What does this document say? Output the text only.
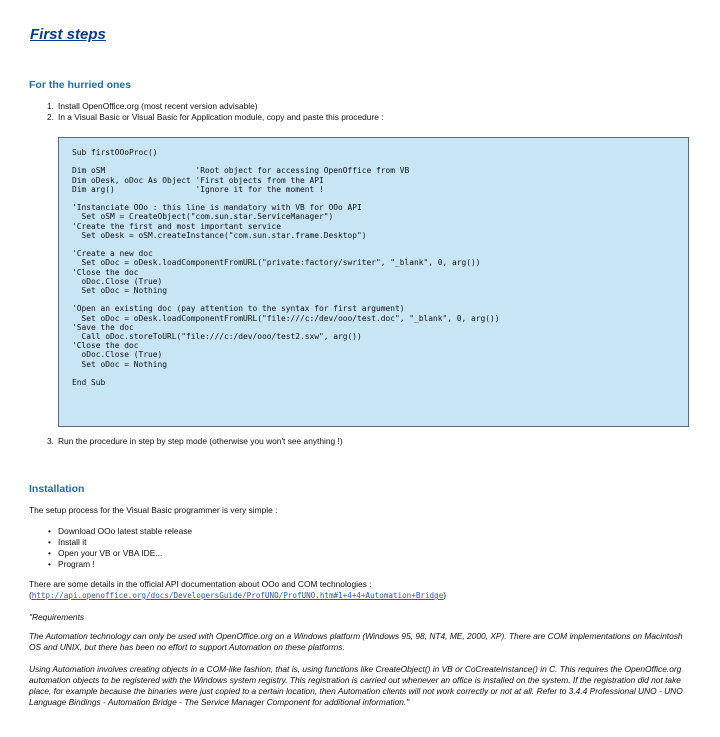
First steps
For the hurried ones
1. Install OpenOffice.org (most recent version advisable)
2. In a Visual Basic or Visual Basic for Application module, copy and paste this procedure :
Sub firstOOoProc()

Dim oSM                   'Root object for accessing OpenOffice from VB
Dim oDesk, oDoc As Object 'First objects from the API
Dim arg()                 'Ignore it for the moment !

'Instanciate OOo : this line is mandatory with VB for OOo API
Set oSM = CreateObject("com.sun.star.ServiceManager")
'Create the first and most important service
Set oDesk = oSM.createInstance("com.sun.star.frame.Desktop")

'Create a new doc
Set oDoc = oDesk.loadComponentFromURL("private:factory/swriter", "_blank", 0, arg())
'Close the doc
oDoc.Close (True)
Set oDoc = Nothing

'Open an existing doc (pay attention to the syntax for first argument)
Set oDoc = oDesk.loadComponentFromURL("file:///c:/dev/ooo/test.doc", "_blank", 0, arg())
'Save the doc
Call oDoc.storeToURL("file:///c:/dev/ooo/test2.sxw", arg())
'Close the doc
oDoc.Close (True)
Set oDoc = Nothing

End Sub
3. Run the procedure in step by step mode (otherwise you won't see anything !)
Installation

The setup process for the Visual Basic programmer is very simple :

• Download OOo latest stable release
• Install it
• Open your VB or VBA IDE...
• Program !

There are some details in the official API documentation about OOo and COM technologies :
(http://api.openoffice.org/docs/DevelopersGuide/ProfUNO/ProfUNO.htm#1+4+4+Automation+Bridge)

"Requirements

The Automation technology can only be used with OpenOffice.org on a Windows platform (Windows 95, 98, NT4, ME, 2000, XP). There are COM implementations on Macintosh OS and UNIX, but there has been no effort to support Automation on these platforms.

Using Automation involves creating objects in a COM-like fashion, that is, using functions like CreateObject() in VB or CoCreateInstance() in C. This requires the OpenOffice.org automation objects to be registered with the Windows system registry. This registration is carried out whenever an office is installed on the system. If the registration did not take place, for example because the binaries were just copied to a certain location, then Automation clients will not work correctly or not at all. Refer to 3.4.4 Professional UNO - UNO Language Bindings - Automation Bridge - The Service Manager Component for additional information."
